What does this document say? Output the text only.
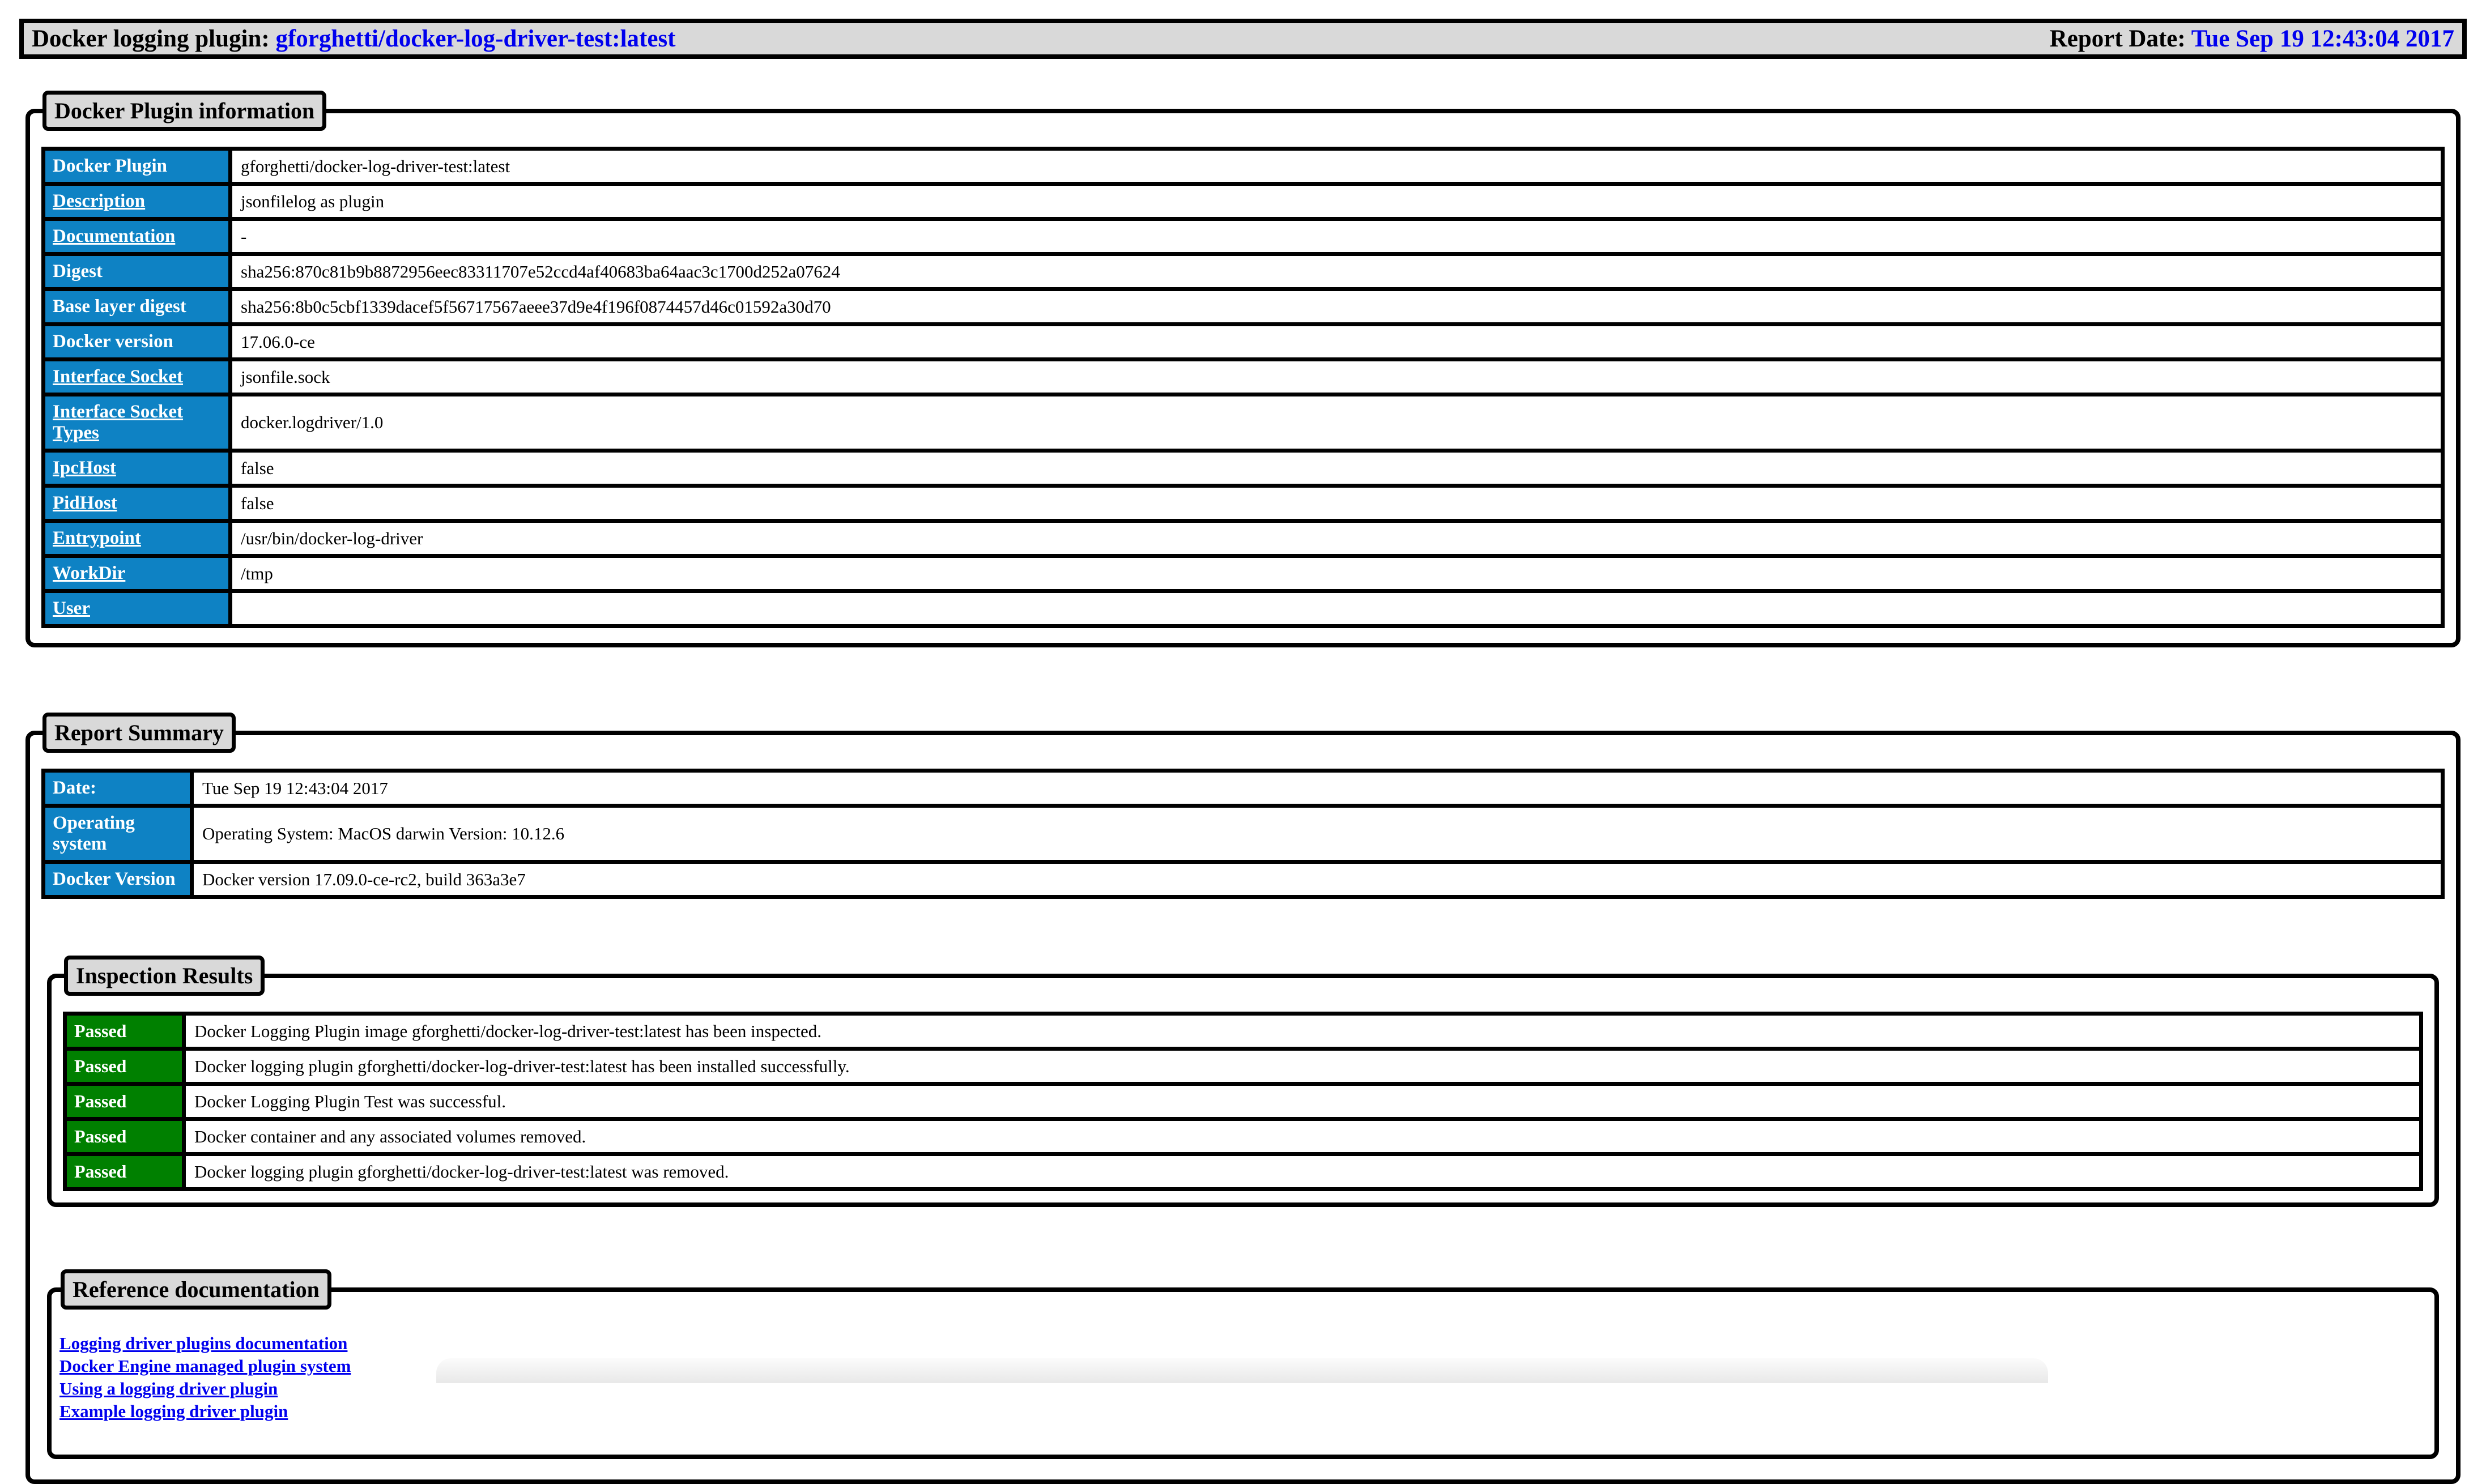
Docker logging plugin: gforghetti/docker-log-driver-test:latest	Report Date: Tue Sep 19 12:43:04 2017
Docker Plugin information
Docker Plugin	gforghetti/docker-log-driver-test:latest
Description	jsonfilelog as plugin
Documentation	-
Digest	sha256:870c81b9b8872956eec83311707e52ccd4af40683ba64aac3c1700d252a07624
Base layer digest	sha256:8b0c5cbf1339dacef5f56717567aeee37d9e4f196f0874457d46c01592a30d70
Docker version	17.06.0-ce
Interface Socket	jsonfile.sock
Interface Socket Types	docker.logdriver/1.0
IpcHost	false
PidHost	false
Entrypoint	/usr/bin/docker-log-driver
WorkDir	/tmp
User	
Report Summary
Date:	Tue Sep 19 12:43:04 2017
Operating system	Operating System: MacOS darwin Version: 10.12.6
Docker Version	Docker version 17.09.0-ce-rc2, build 363a3e7
Inspection Results
Passed	Docker Logging Plugin image gforghetti/docker-log-driver-test:latest has been inspected.
Passed	Docker logging plugin gforghetti/docker-log-driver-test:latest has been installed successfully.
Passed	Docker Logging Plugin Test was successful.
Passed	Docker container and any associated volumes removed.
Passed	Docker logging plugin gforghetti/docker-log-driver-test:latest was removed.
Reference documentation
Logging driver plugins documentation
Docker Engine managed plugin system
Using a logging driver plugin
Example logging driver plugin
